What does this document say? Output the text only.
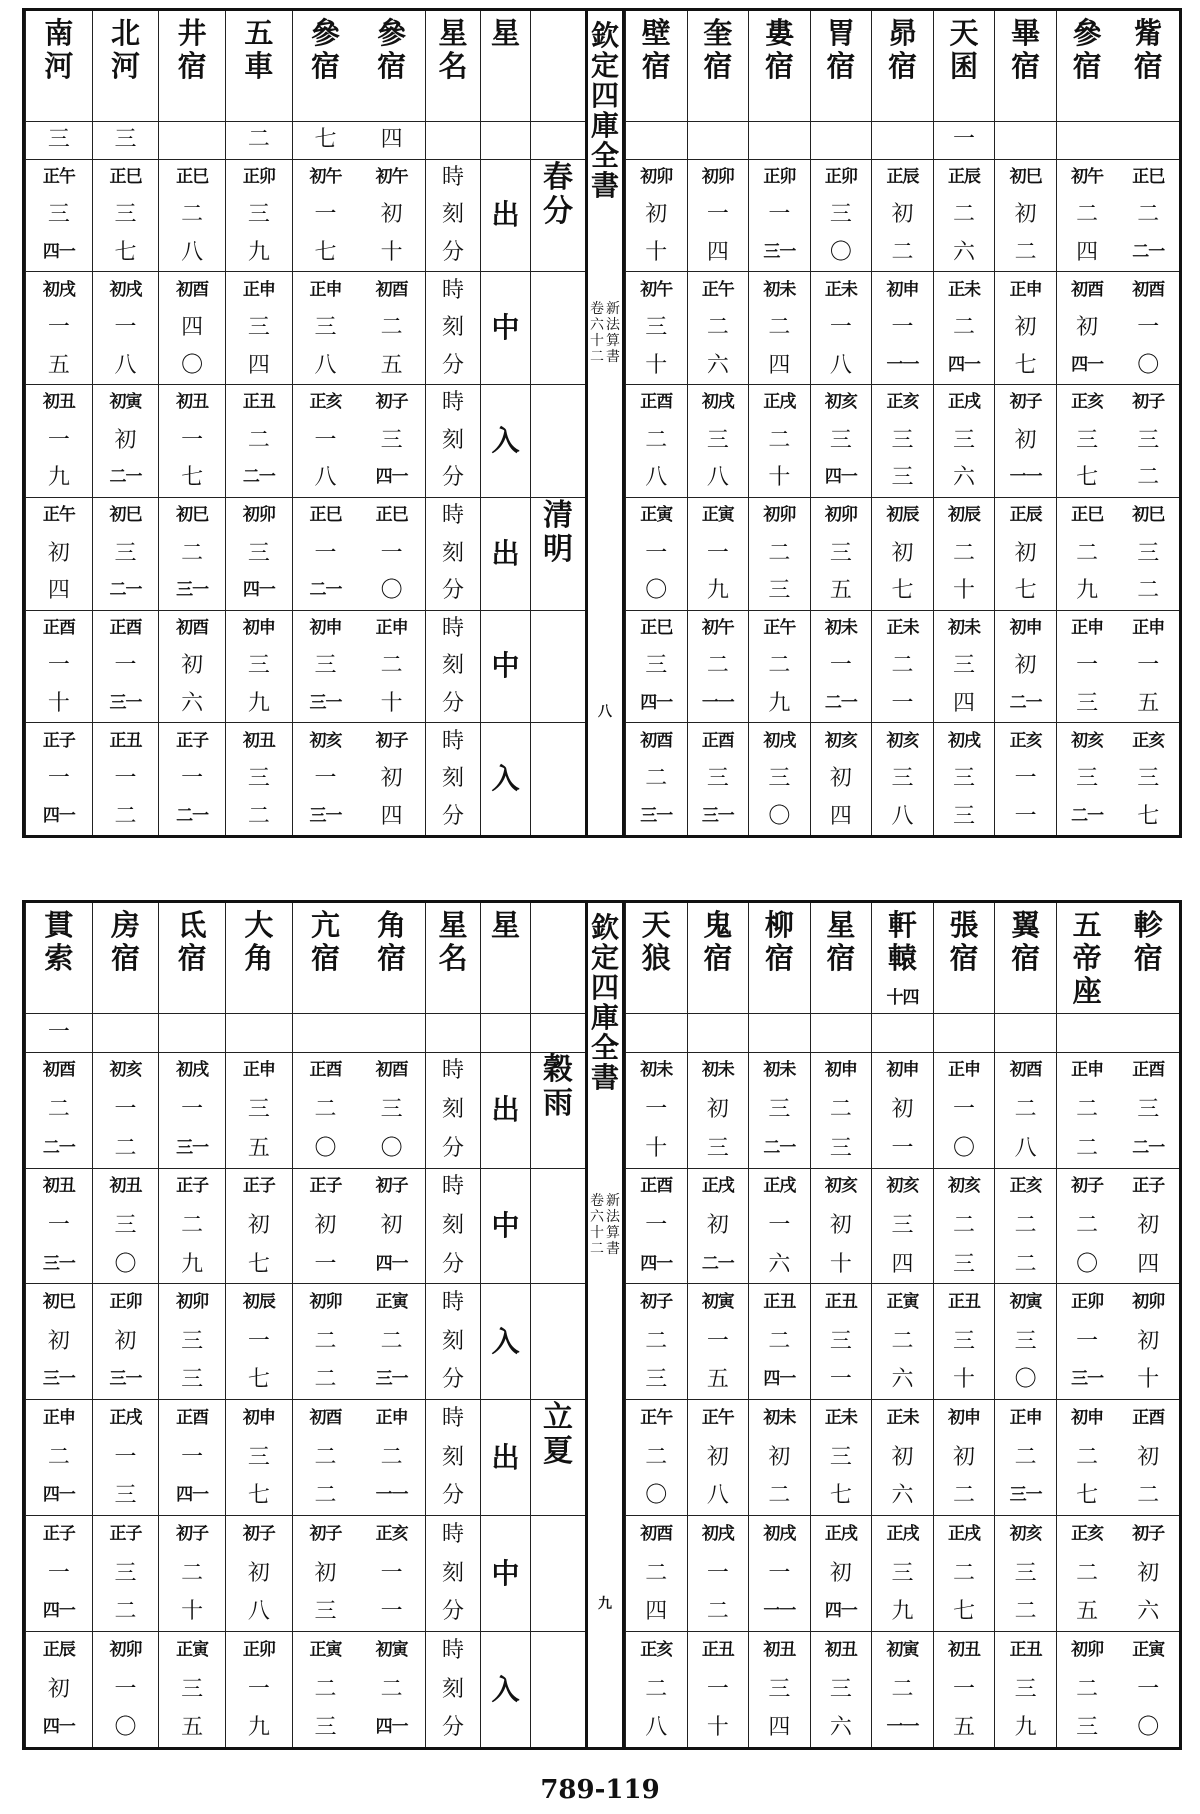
參
宿
四
初午
初
十
初酉
二
五
初子
三
四一
正巳
一
〇
正申
二
十
初子
初
四
參
宿
七
初午
一
七
正申
三
八
正亥
一
八
正巳
一
二一
初申
三
三一
初亥
一
三一
五
車
二
正卯
三
九
正申
三
四
正丑
二
二一
初卯
三
四一
初申
三
九
初丑
三
二
井
宿
正巳
二
八
初酉
四
〇
初丑
一
七
初巳
二
三一
初酉
初
六
正子
一
二一
北
河
三
正巳
三
七
初戌
一
八
初寅
初
二一
初巳
三
二一
正酉
一
三一
正丑
一
二
南
河
三
正午
三
四一
初戌
一
五
初丑
一
九
正午
初
四
正酉
一
十
正子
一
四一
星
名
時
刻
分
時
刻
分
時
刻
分
時
刻
分
時
刻
分
時
刻
分
星
出
中
入
出
中
入
春
分
清
明
觜
宿
正巳
二
二一
初酉
一
〇
初子
三
二
初巳
三
二
正申
一
五
正亥
三
七
參
宿
初午
二
四
初酉
初
四一
正亥
三
七
正巳
二
九
正申
一
三
初亥
三
二一
畢
宿
初巳
初
二
正申
初
七
初子
初
一一
正辰
初
七
初申
初
二一
正亥
一
一
天
囷
一
正辰
二
六
正未
二
四一
正戌
三
六
初辰
二
十
初未
三
四
初戌
三
三
昴
宿
正辰
初
二
初申
一
一一
正亥
三
三
初辰
初
七
正未
二
一
初亥
三
八
胃
宿
正卯
三
〇
正未
一
八
初亥
三
四一
初卯
三
五
初未
一
二一
初亥
初
四
婁
宿
正卯
一
三一
初未
二
四
正戌
二
十
初卯
二
三
正午
二
九
初戌
三
〇
奎
宿
初卯
一
四
正午
二
六
初戌
三
八
正寅
一
九
初午
二
一一
正酉
三
三一
壁
宿
初卯
初
十
初午
三
十
正酉
二
八
正寅
一
〇
正巳
三
四一
初酉
二
三一
欽
定
四
庫
全
書
卷
六
十
二
新
法
算
書
八
角
宿
初酉
三
〇
初子
初
四一
正寅
二
三一
正申
二
一一
正亥
一
一
初寅
二
四一
亢
宿
正酉
二
〇
正子
初
一
初卯
二
二
初酉
二
二
初子
初
三
正寅
二
三
大
角
正申
三
五
正子
初
七
初辰
一
七
初申
三
七
初子
初
八
正卯
一
九
氐
宿
初戌
一
三一
正子
二
九
初卯
三
三
正酉
一
四一
初子
二
十
正寅
三
五
房
宿
初亥
一
二
初丑
三
〇
正卯
初
三一
正戌
一
三
正子
三
二
初卯
一
〇
貫
索
一
初酉
二
二一
初丑
一
三一
初巳
初
三一
正申
二
四一
正子
一
四一
正辰
初
四一
星
名
時
刻
分
時
刻
分
時
刻
分
時
刻
分
時
刻
分
時
刻
分
星
出
中
入
出
中
入
穀
雨
立
夏
軫
宿
正酉
三
二一
正子
初
四
初卯
初
十
正酉
初
二
初子
初
六
正寅
一
〇
五
帝
座
正申
二
二
初子
二
〇
正卯
一
三一
初申
二
七
正亥
二
五
初卯
二
三
翼
宿
初酉
二
八
正亥
二
二
初寅
三
〇
正申
二
三一
初亥
三
二
正丑
三
九
張
宿
正申
一
〇
初亥
二
三
正丑
三
十
初申
初
二
正戌
二
七
初丑
一
五
軒
轅
十四
初申
初
一
初亥
三
四
正寅
二
六
正未
初
六
正戌
三
九
初寅
二
一一
星
宿
初申
二
三
初亥
初
十
正丑
三
一
正未
三
七
正戌
初
四一
初丑
三
六
柳
宿
初未
三
二一
正戌
一
六
正丑
二
四一
初未
初
二
初戌
一
一一
初丑
三
四
鬼
宿
初未
初
三
正戌
初
二一
初寅
一
五
正午
初
八
初戌
一
二
正丑
一
十
天
狼
初未
一
十
正酉
一
四一
初子
二
三
正午
二
〇
初酉
二
四
正亥
二
八
欽
定
四
庫
全
書
卷
六
十
二
新
法
算
書
九
789-119
